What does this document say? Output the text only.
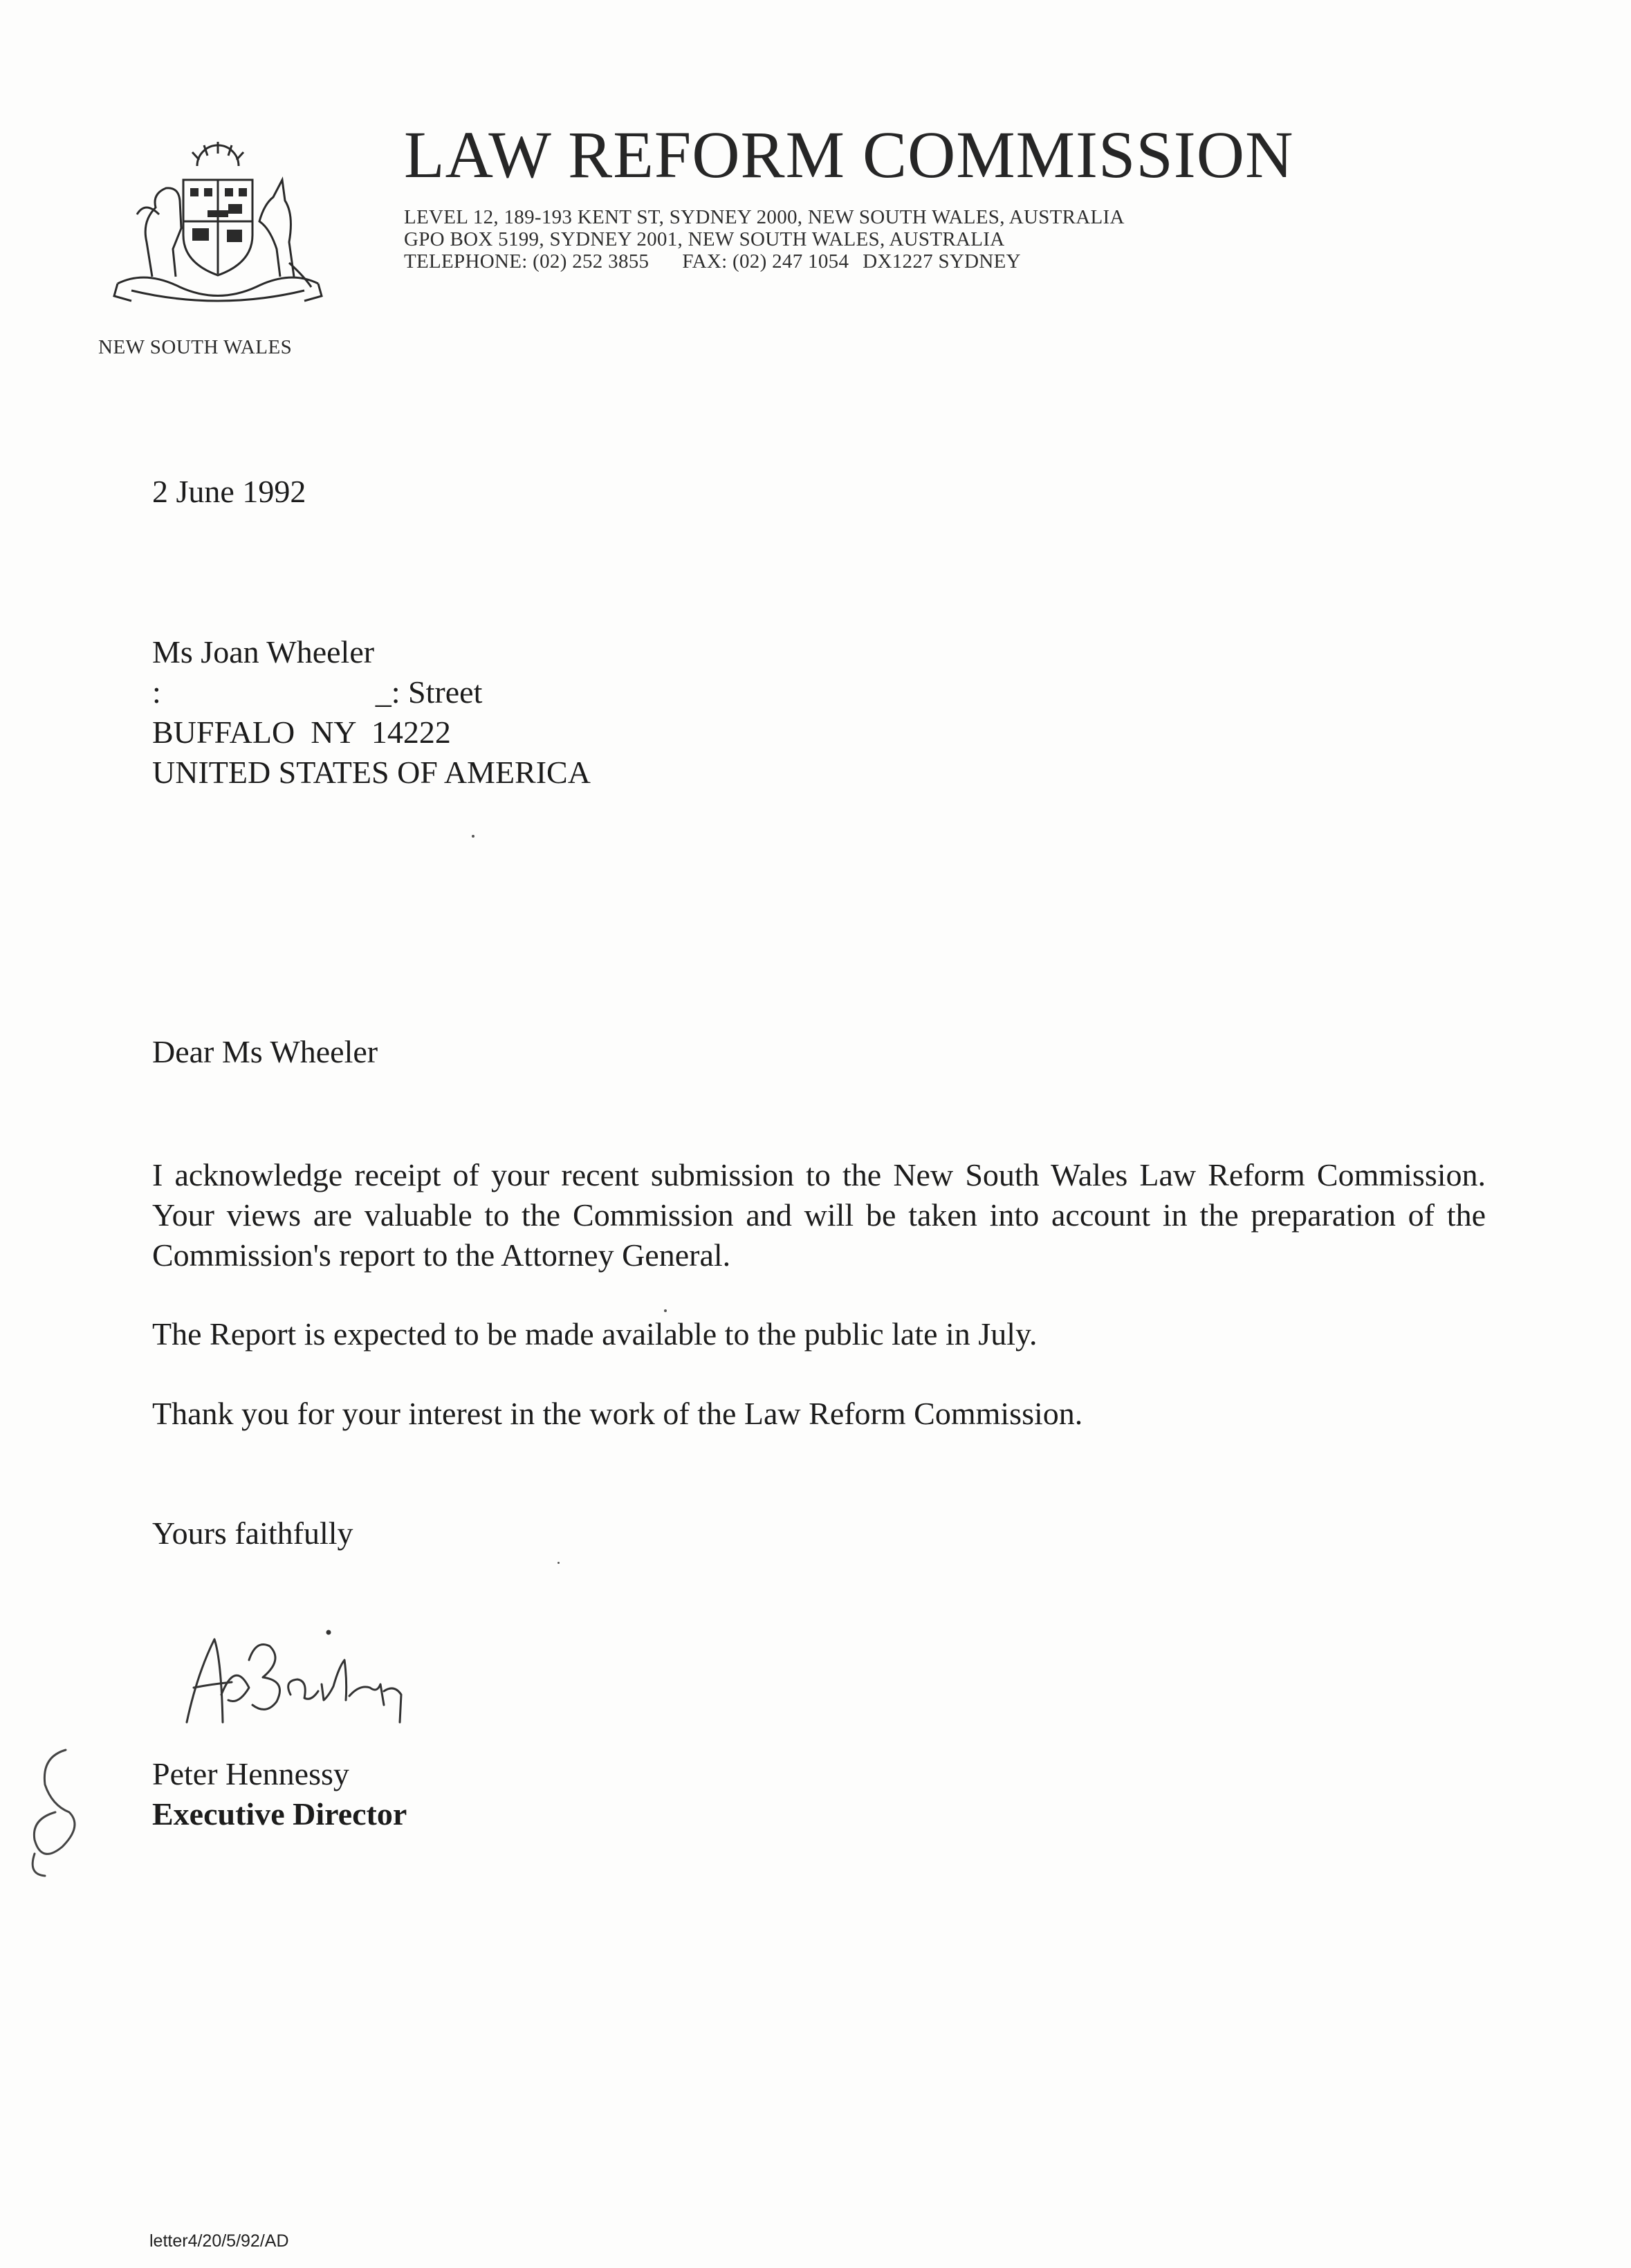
NEW SOUTH WALES
LAW REFORM COMMISSION
LEVEL 12, 189-193 KENT ST, SYDNEY 2000, NEW SOUTH WALES, AUSTRALIA
GPO BOX 5199, SYDNEY 2001, NEW SOUTH WALES, AUSTRALIA
TELEPHONE: (02) 252 3855 FAX: (02) 247 1054 DX1227 SYDNEY
2 June 1992
Ms Joan Wheeler
:	_: Street
BUFFALO  NY  14222
UNITED STATES OF AMERICA
Dear Ms Wheeler
I acknowledge receipt of your recent submission to the New South Wales Law Reform Commission. Your views are valuable to the Commission and will be taken into account in the preparation of the Commission's report to the Attorney General.
The Report is expected to be made available to the public late in July.
Thank you for your interest in the work of the Law Reform Commission.
Yours faithfully
Peter Hennessy
Executive Director
letter4/20/5/92/AD
